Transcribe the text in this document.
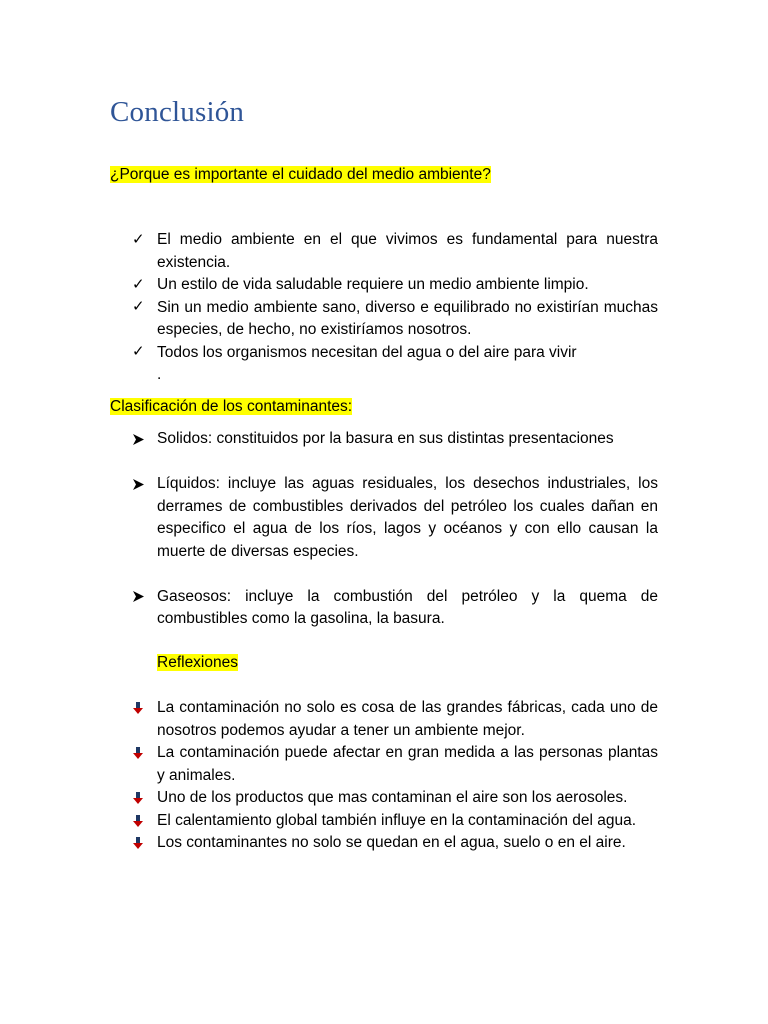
Conclusión

¿Porque es importante el cuidado del medio ambiente?

✓ El medio ambiente en el que vivimos es fundamental para nuestra existencia.
✓ Un estilo de vida saludable requiere un medio ambiente limpio.
✓ Sin un medio ambiente sano, diverso e equilibrado no existirían muchas especies, de hecho, no existiríamos nosotros.
✓ Todos los organismos necesitan del agua o del aire para vivir
.

Clasificación de los contaminantes:

Solidos: constituidos por la basura en sus distintas presentaciones
Líquidos: incluye las aguas residuales, los desechos industriales, los derrames de combustibles derivados del petróleo los cuales dañan en especifico el agua de los ríos, lagos y océanos y con ello causan la muerte de diversas especies.
Gaseosos: incluye la combustión del petróleo y la quema de combustibles como la gasolina, la basura.

Reflexiones

La contaminación no solo es cosa de las grandes fábricas, cada uno de nosotros podemos ayudar a tener un ambiente mejor.
La contaminación puede afectar en gran medida a las personas plantas y animales.
Uno de los productos que mas contaminan el aire son los aerosoles.
El calentamiento global también influye en la contaminación del agua.
Los contaminantes no solo se quedan en el agua, suelo o en el aire.
